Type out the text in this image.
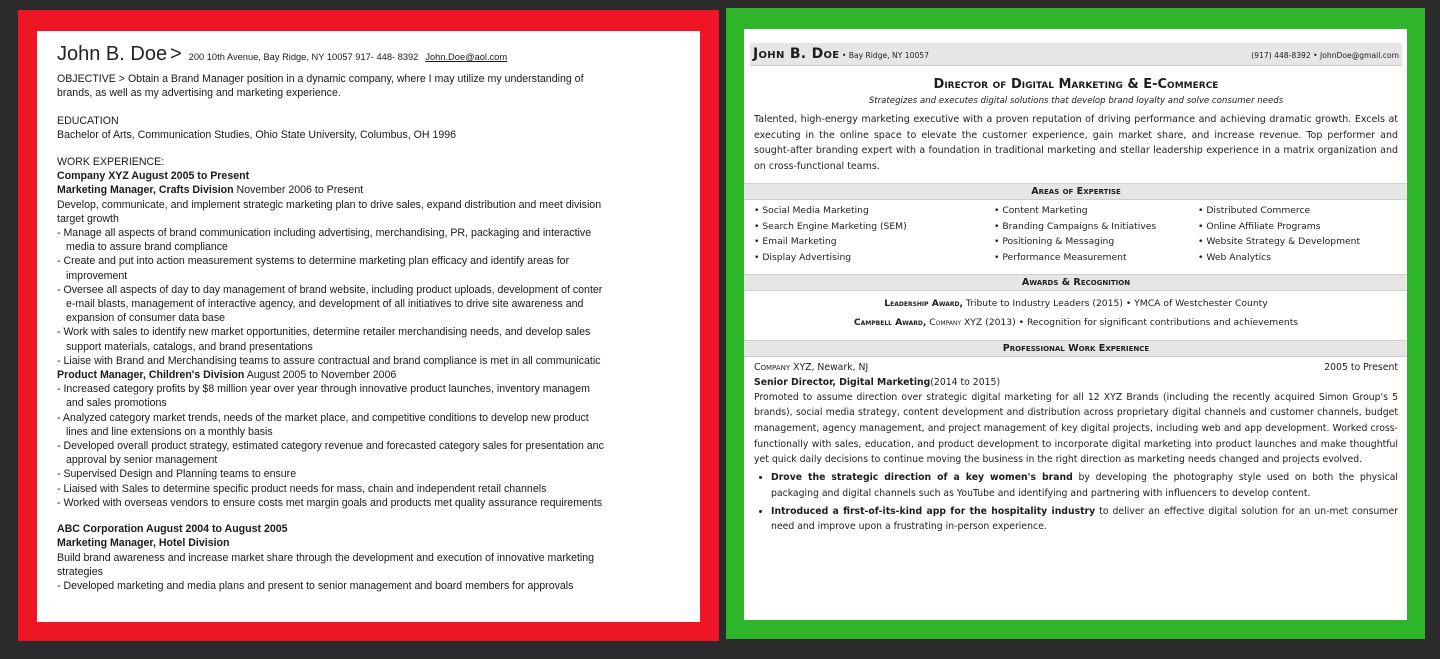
John B. Doe > 200 10th Avenue, Bay Ridge, NY 10057 917- 448- 8392 John.Doe@aol.com
OBJECTIVE > Obtain a Brand Manager position in a dynamic company, where I may utilize my understanding of
brands, as well as my advertising and marketing experience.
EDUCATION
Bachelor of Arts, Communication Studies, Ohio State University, Columbus, OH 1996
WORK EXPERIENCE:
Company XYZ August 2005 to Present
Marketing Manager, Crafts Division November 2006 to Present
Develop, communicate, and implement strategic marketing plan to drive sales, expand distribution and meet division
target growth
- Manage all aspects of brand communication including advertising, merchandising, PR, packaging and interactive
media to assure brand compliance
- Create and put into action measurement systems to determine marketing plan efficacy and identify areas for
improvement
- Oversee all aspects of day to day management of brand website, including product uploads, development of conter
e-mail blasts, management of interactive agency, and development of all initiatives to drive site awareness and
expansion of consumer data base
- Work with sales to identify new market opportunities, determine retailer merchandising needs, and develop sales
support materials, catalogs, and brand presentations
- Liaise with Brand and Merchandising teams to assure contractual and brand compliance is met in all communicatic
Product Manager, Children's Division August 2005 to November 2006
- Increased category profits by $8 million year over year through innovative product launches, inventory managem
and sales promotions
- Analyzed category market trends, needs of the market place, and competitive conditions to develop new product
lines and line extensions on a monthly basis
- Developed overall product strategy, estimated category revenue and forecasted category sales for presentation anc
approval by senior management
- Supervised Design and Planning teams to ensure
- Liaised with Sales to determine specific product needs for mass, chain and independent retail channels
- Worked with overseas vendors to ensure costs met margin goals and products met quality assurance requirements
ABC Corporation August 2004 to August 2005
Marketing Manager, Hotel Division
Build brand awareness and increase market share through the development and execution of innovative marketing
strategies
- Developed marketing and media plans and present to senior management and board members for approvals
John B. Doe • Bay Ridge, NY 10057	(917) 448-8392 • JohnDoe@gmail.com
Director of Digital Marketing & E-Commerce
Strategizes and executes digital solutions that develop brand loyalty and solve consumer needs
Talented, high-energy marketing executive with a proven reputation of driving performance and achieving dramatic growth. Excels at executing in the online space to elevate the customer experience, gain market share, and increase revenue. Top performer and sought-after branding expert with a foundation in traditional marketing and stellar leadership experience in a matrix organization and on cross-functional teams.
Areas of Expertise
• Social Media Marketing
• Search Engine Marketing (SEM)
• Email Marketing
• Display Advertising
• Content Marketing
• Branding Campaigns & Initiatives
• Positioning & Messaging
• Performance Measurement
• Distributed Commerce
• Online Affiliate Programs
• Website Strategy & Development
• Web Analytics
Awards & Recognition
Leadership Award, Tribute to Industry Leaders (2015) • YMCA of Westchester County
Campbell Award, Company XYZ (2013) • Recognition for significant contributions and achievements
Professional Work Experience
Company XYZ, Newark, NJ	2005 to Present
Senior Director, Digital Marketing (2014 to 2015)
Promoted to assume direction over strategic digital marketing for all 12 XYZ Brands (including the recently acquired Simon Group's 5 brands), social media strategy, content development and distribution across proprietary digital channels and customer channels, budget management, agency management, and project management of key digital projects, including web and app development. Worked cross-functionally with sales, education, and product development to incorporate digital marketing into product launches and make thoughtful yet quick daily decisions to continue moving the business in the right direction as marketing needs changed and projects evolved.
• Drove the strategic direction of a key women's brand by developing the photography style used on both the physical packaging and digital channels such as YouTube and identifying and partnering with influencers to develop content.
• Introduced a first-of-its-kind app for the hospitality industry to deliver an effective digital solution for an un-met consumer need and improve upon a frustrating in-person experience.
